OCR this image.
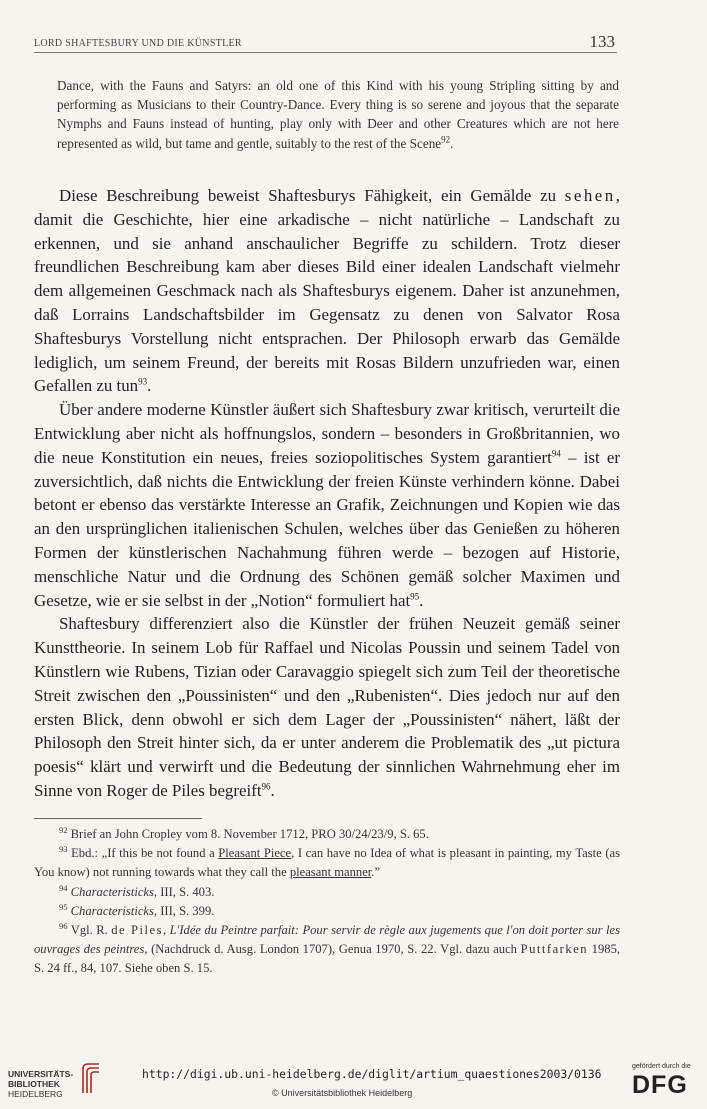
LORD SHAFTESBURY UND DIE KÜNSTLER	133
Dance, with the Fauns and Satyrs: an old one of this Kind with his young Stripling sitting by and performing as Musicians to their Country-Dance. Every thing is so serene and joyous that the separate Nymphs and Fauns instead of hunting, play only with Deer and other Creatures which are not here represented as wild, but tame and gentle, suitably to the rest of the Scene$^{92}$.

Diese Beschreibung beweist Shaftesburys Fähigkeit, ein Gemälde zu sehen, damit die Geschichte, hier eine arkadische – nicht natürliche – Landschaft zu erkennen, und sie anhand anschaulicher Begriffe zu schildern. Trotz dieser freundlichen Beschreibung kam aber dieses Bild einer idealen Landschaft vielmehr dem allgemeinen Geschmack nach als Shaftesburys eigenem. Daher ist anzunehmen, daß Lorrains Landschaftsbilder im Gegensatz zu denen von Salvator Rosa Shaftesburys Vorstellung nicht entsprachen. Der Philosoph erwarb das Gemälde lediglich, um seinem Freund, der bereits mit Rosas Bildern unzufrieden war, einen Gefallen zu tun$^{93}$.

Über andere moderne Künstler äußert sich Shaftesbury zwar kritisch, verurteilt die Entwicklung aber nicht als hoffnungslos, sondern – besonders in Großbritannien, wo die neue Konstitution ein neues, freies soziopolitisches System garantiert$^{94}$ – ist er zuversichtlich, daß nichts die Entwicklung der freien Künste verhindern könne. Dabei betont er ebenso das verstärkte Interesse an Grafik, Zeichnungen und Kopien wie das an den ursprünglichen italienischen Schulen, welches über das Genießen zu höheren Formen der künstlerischen Nachahmung führen werde – bezogen auf Historie, menschliche Natur und die Ordnung des Schönen gemäß solcher Maximen und Gesetze, wie er sie selbst in der „Notion“ formuliert hat$^{95}$.

Shaftesbury differenziert also die Künstler der frühen Neuzeit gemäß seiner Kunsttheorie. In seinem Lob für Raffael und Nicolas Poussin und seinem Tadel von Künstlern wie Rubens, Tizian oder Caravaggio spiegelt sich zum Teil der theoretische Streit zwischen den „Poussinisten“ und den „Rubenisten“. Dies jedoch nur auf den ersten Blick, denn obwohl er sich dem Lager der „Poussinisten“ nähert, läßt der Philosoph den Streit hinter sich, da er unter anderem die Problematik des „ut pictura poesis“ klärt und verwirft und die Bedeutung der sinnlichen Wahrnehmung eher im Sinne von Roger de Piles begreift$^{96}$.

$^{92}$ Brief an John Cropley vom 8. November 1712, PRO 30/24/23/9, S. 65.

$^{93}$ Ebd.: „If this be not found a Pleasant Piece, I can have no Idea of what is pleasant in painting, my Taste (as You know) not running towards what they call the pleasant manner.”

$^{94}$ Characteristicks, III, S. 403.

$^{95}$ Characteristicks, III, S. 399.

$^{96}$ Vgl. R. de Piles, L'Idée du Peintre parfait: Pour servir de règle aux jugements que l'on doit porter sur les ouvrages des peintres, (Nachdruck d. Ausg. London 1707), Genua 1970, S. 22. Vgl. dazu auch Puttfarken 1985, S. 24 ff., 84, 107. Siehe oben S. 15.

UNIVERSITÄTS-
BIBLIOTHEK
HEIDELBERG
http://digi.ub.uni-heidelberg.de/diglit/artium_quaestiones2003/0136
© Universitätsbibliothek Heidelberg
gefördert durch die
DFG
